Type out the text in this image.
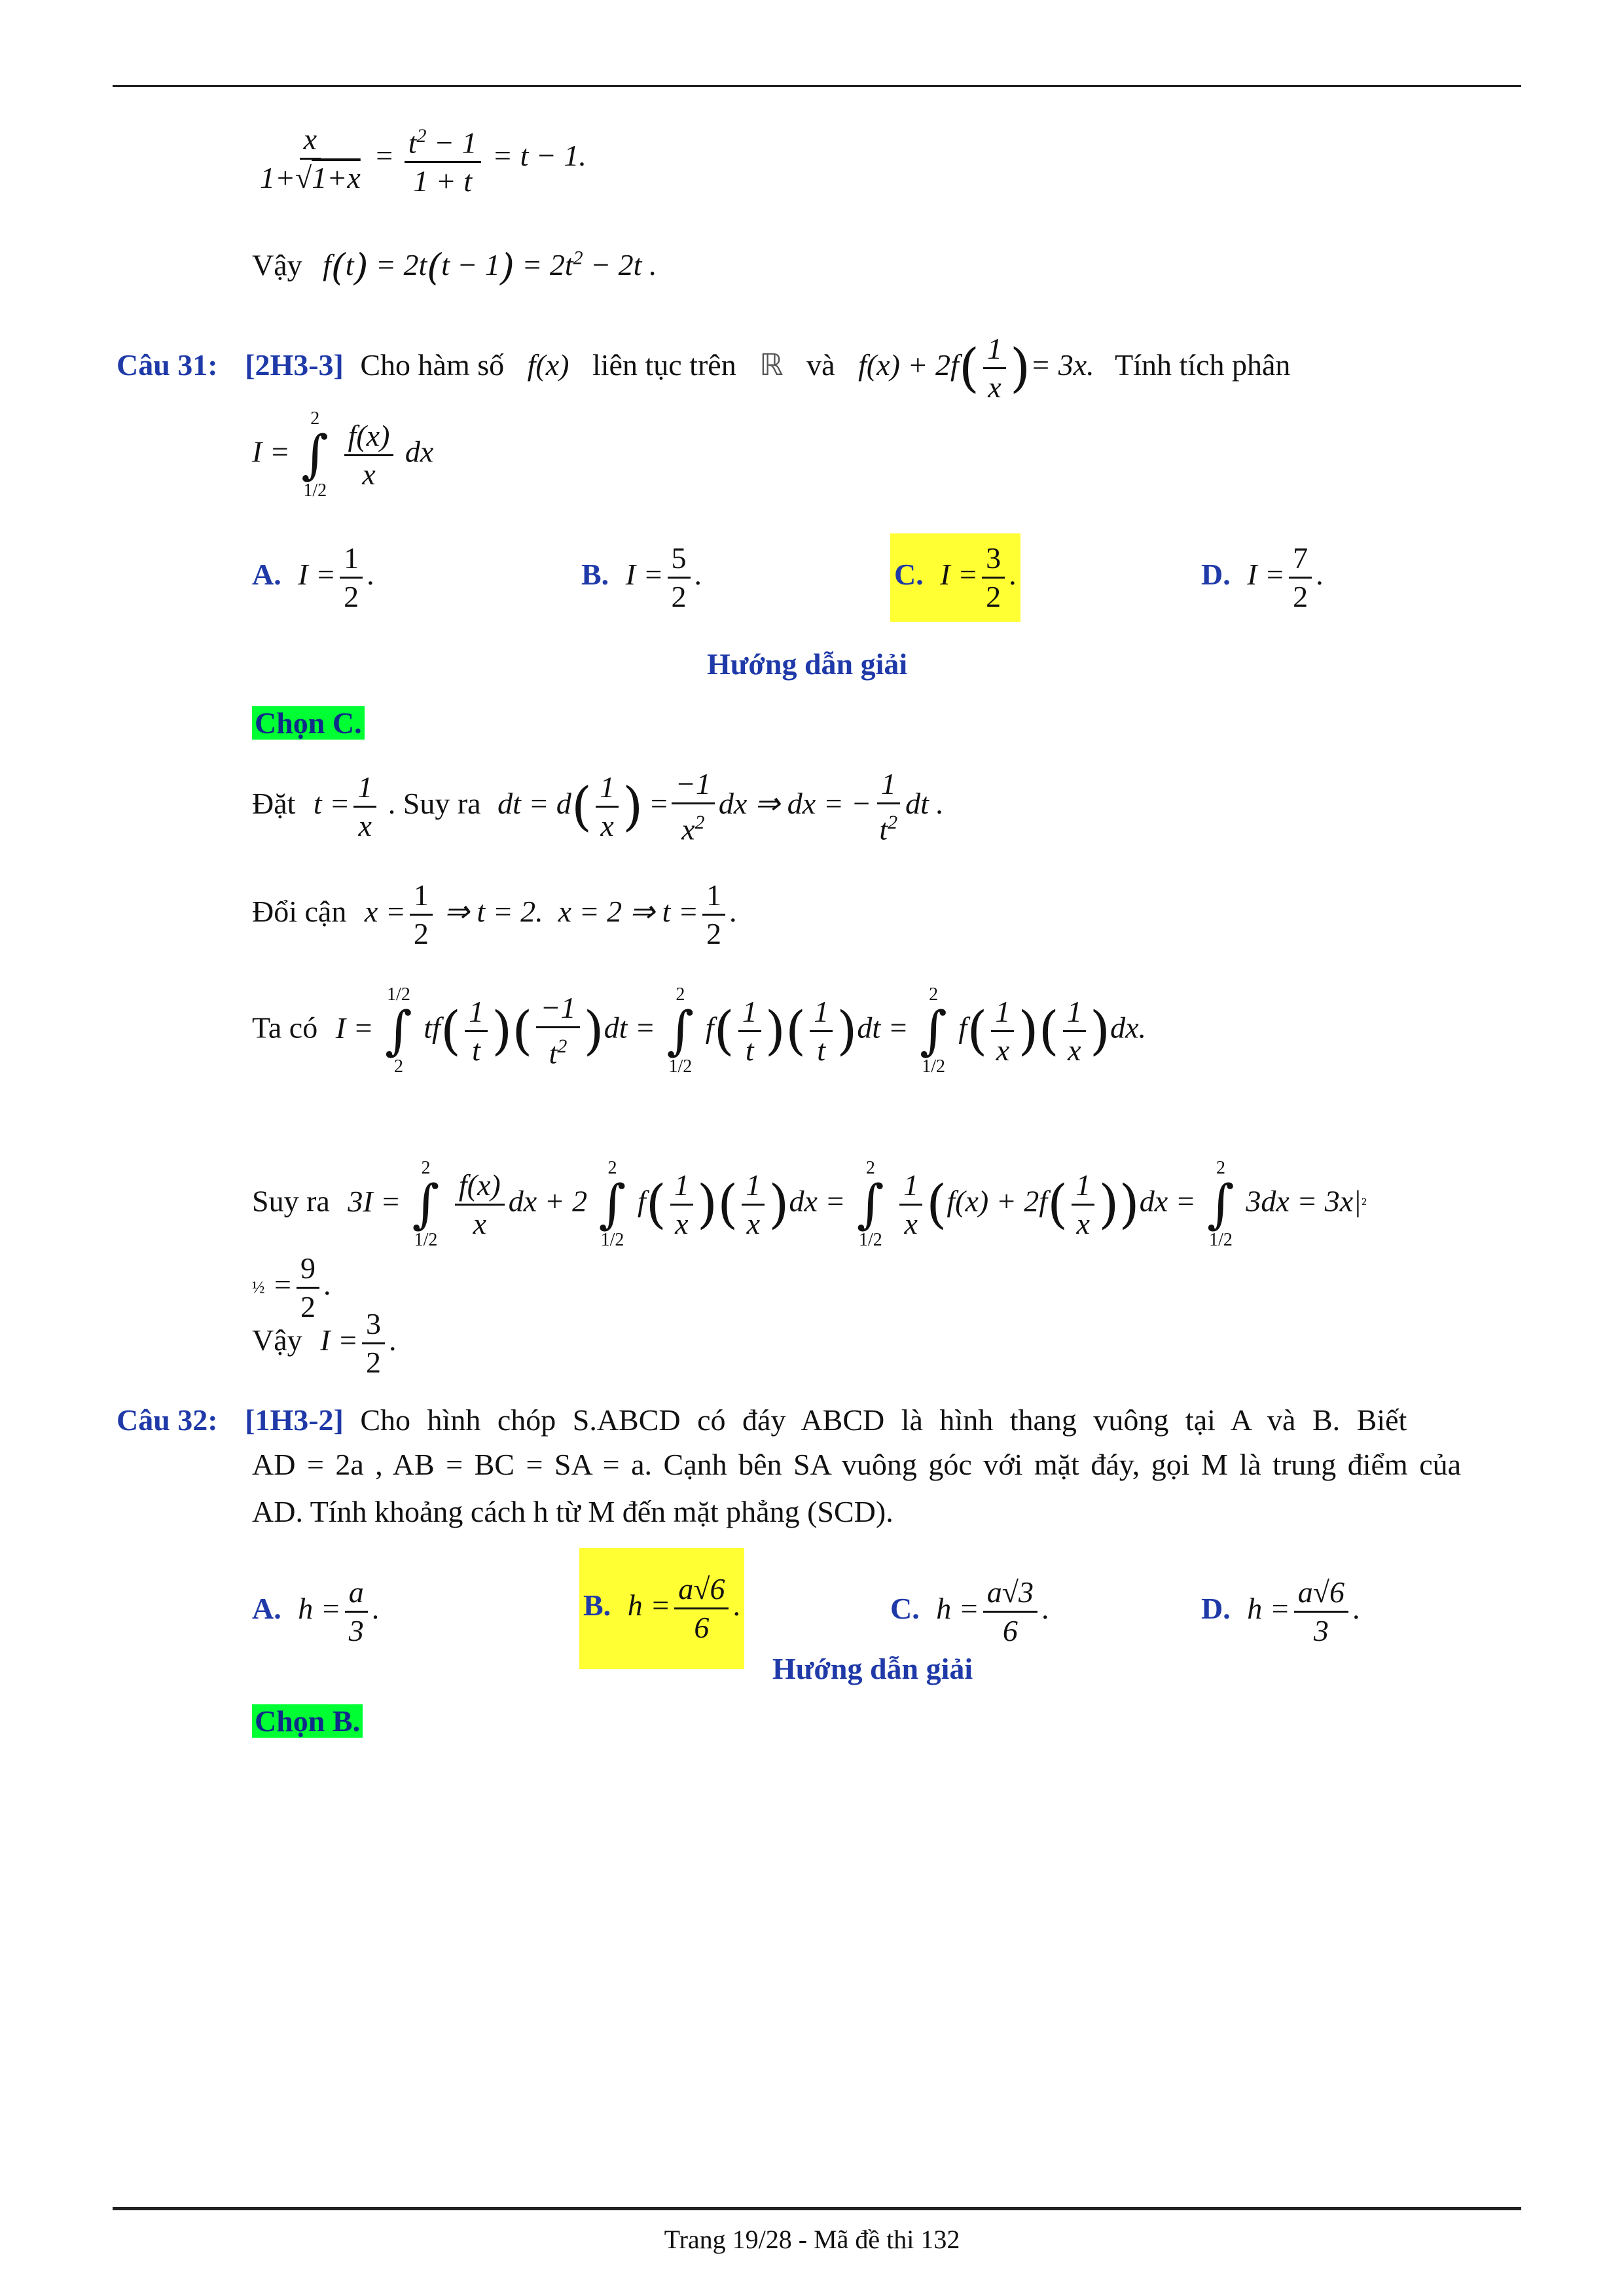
$\frac{x}{1+√1+x} = \frac{t^2 - 1}{1 + t} = t - 1$.
Vậy $f(t) = 2t(t - 1) = 2t^2 - 2t$ .
Câu 31: [2H3-3] Cho hàm số f(x) liên tục trên ℝ và $f(x) + 2f( \frac{1}{x}$ )= 3x. Tính tích phân
I =
2
∫
1/2
$\frac{f(x)}{x}$ dx
A. $I = \frac{1}{2}$ .	B. $I = \frac{5}{2}$ .	C. $I = \frac{3}{2}$ .	D. $I = \frac{7}{2}$ .
Hướng dẫn giải
Chọn C.
Đặt $t = \frac{1}{x}$ . Suy ra dt = $d( \frac{1}{x}$ ) = $\frac{-1}{x^2}$ dx ⇒ dx = − $\frac{1}{t^2}$ dt .
Đổi cận $x = \frac{1}{2}$ ⇒ t = 2.  x = 2 ⇒ $t = \frac{1}{2}$ .
Ta có I =
1/2
∫
2
$tf( \frac{1}{t}$ )( $\frac{-1}{t^2} )dt$ =
2
∫
1/2
$f( \frac{1}{t}$ )( $\frac{1}{t} )dt$ =
2
∫
1/2
$f( \frac{1}{x}$ )( $\frac{1}{x} )dx$.
Suy ra 3I =
2
∫
1/2
$\frac{f(x)}{x}$ dx + 2
2
∫
1/2
$f( \frac{1}{x}$ )( $\frac{1}{x} )dx$ =
2
∫
1/2
$\frac{1}{x} (f(x) + 2f( \frac{1}{x} ))dx$ =
2
∫
1/2
3dx = 3x|²
½ = $\frac{9}{2}$ .
Vậy $I = \frac{3}{2}$ .
Câu 32: [1H3-2] Cho hình chóp S.ABCD có đáy ABCD là hình thang vuông tại A và B. Biết
AD = 2a , AB = BC = SA = a. Cạnh bên SA vuông góc với mặt đáy, gọi M là trung điểm của
AD. Tính khoảng cách h từ M đến mặt phẳng (SCD).
A. $h = \frac{a}{3}$ .	B. $h = \frac{a√6}{6}$ .	C. $h = \frac{a√3}{6}$ .	D. $h = \frac{a√6}{3}$ .
Hướng dẫn giải
Chọn B.
Trang 19/28 - Mã đề thi 132
